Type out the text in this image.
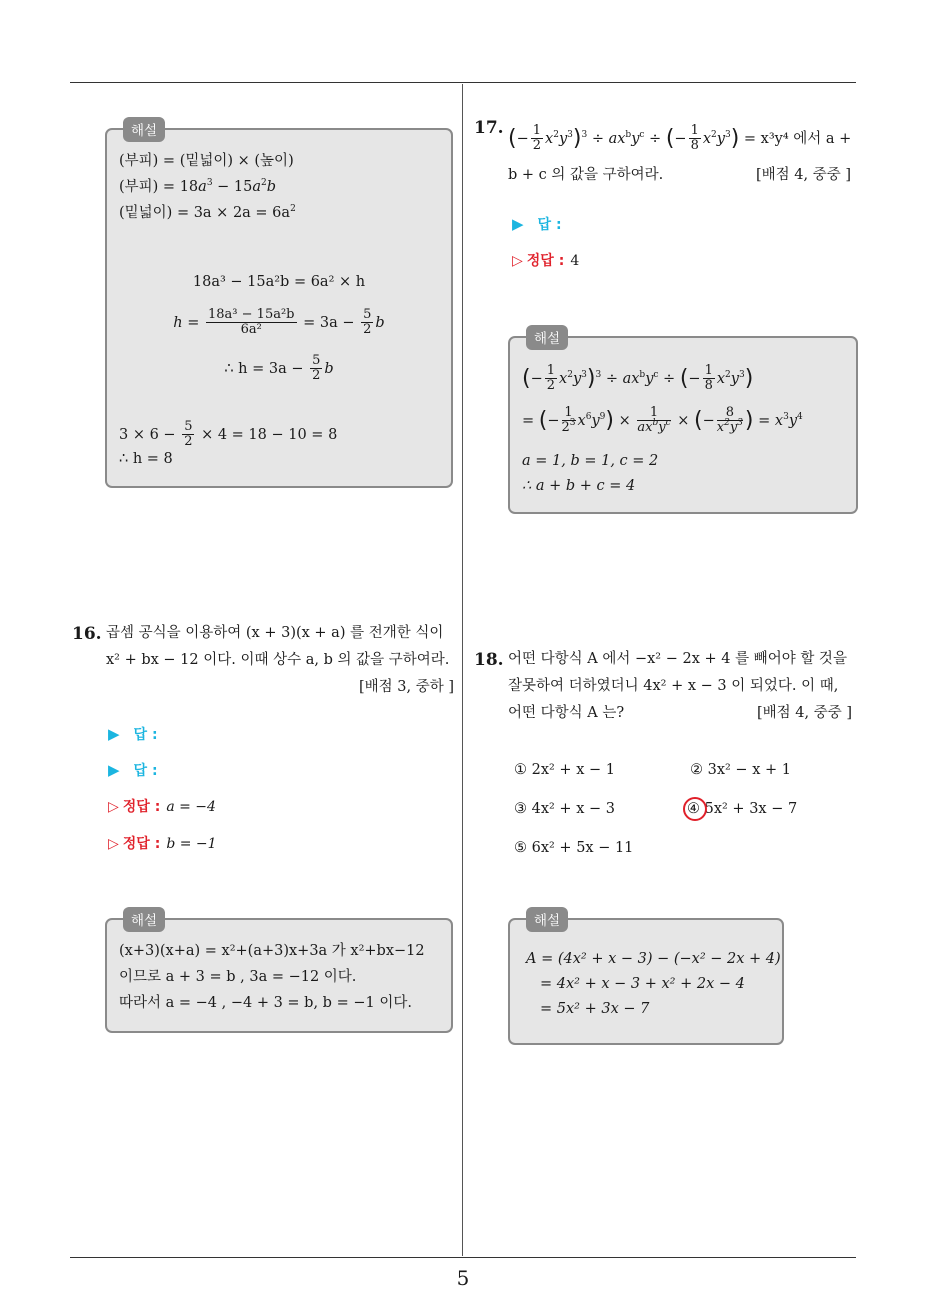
5
해설
(부피) = (밑넓이) × (높이)
(부피) = $18a^3 - 15a^2b$
(밑넓이) = $3a \times 2a = 6a^2$
18a³ − 15a²b = 6a² × h
$h = \frac{\text{18a³ − 15a²b}}{\text{6a²}} = 3a - \frac{5}{2}$ b
∴ $h = 3a - \frac{5}{2}$ b
$3 \times 6 - \frac{5}{2} \times 4 = 18 - 10 = 8$
∴ h = 8
16. 곱셈 공식을 이용하여 (x + 3)(x + a) 를 전개한 식이
x² + bx − 12 이다. 이때 상수 a, b 의 값을 구하여라.
[배점 3, 중하 ]
▶ 답 :
▶ 답 :
▷ 정답 : a = −4
▷ 정답 : b = −1
해설
(x+3)(x+a) = x²+(a+3)x+3a 가 x²+bx−12
이므로 a + 3 = b , 3a = −12 이다.
따라서 a = −4 , −4 + 3 = b, b = −1 이다.
17. (− $\frac{1}{2} x^2y^3)^3 \div ax^by^c$ ÷ (− $\frac{1}{8} x^2y^3) = x^3y^4$ 에서 a +
b + c 의 값을 구하여라.	[배점 4, 중중 ]
▶ 답 :
▷ 정답 : 4
해설
(− $\frac{1}{2} x^2y^3)^3 \div ax^by^c$ ÷ (− $\frac{1}{8} x^2y^3$)
= (− $\frac{1}{2^3} x^6y^9$) ×
1
$ax^by^c$ × (− $\frac{8}{x^2y^3}$ ) = $x^3y^4$
a = 1, b = 1, c = 2
∴ a + b + c = 4
18. 어떤 다항식 A 에서 −x² − 2x + 4 를 빼어야 할 것을
잘못하여 더하였더니 4x² + x − 3 이 되었다. 이 때,
어떤 다항식 A 는?	[배점 4, 중중 ]
① 2x² + x − 1	② 3x² − x + 1
③ 4x² + x − 3	④ 5x² + 3x − 7
⑤ 6x² + 5x − 11
해설
A = (4x² + x − 3) − (−x² − 2x + 4)
= 4x² + x − 3 + x² + 2x − 4
= 5x² + 3x − 7
